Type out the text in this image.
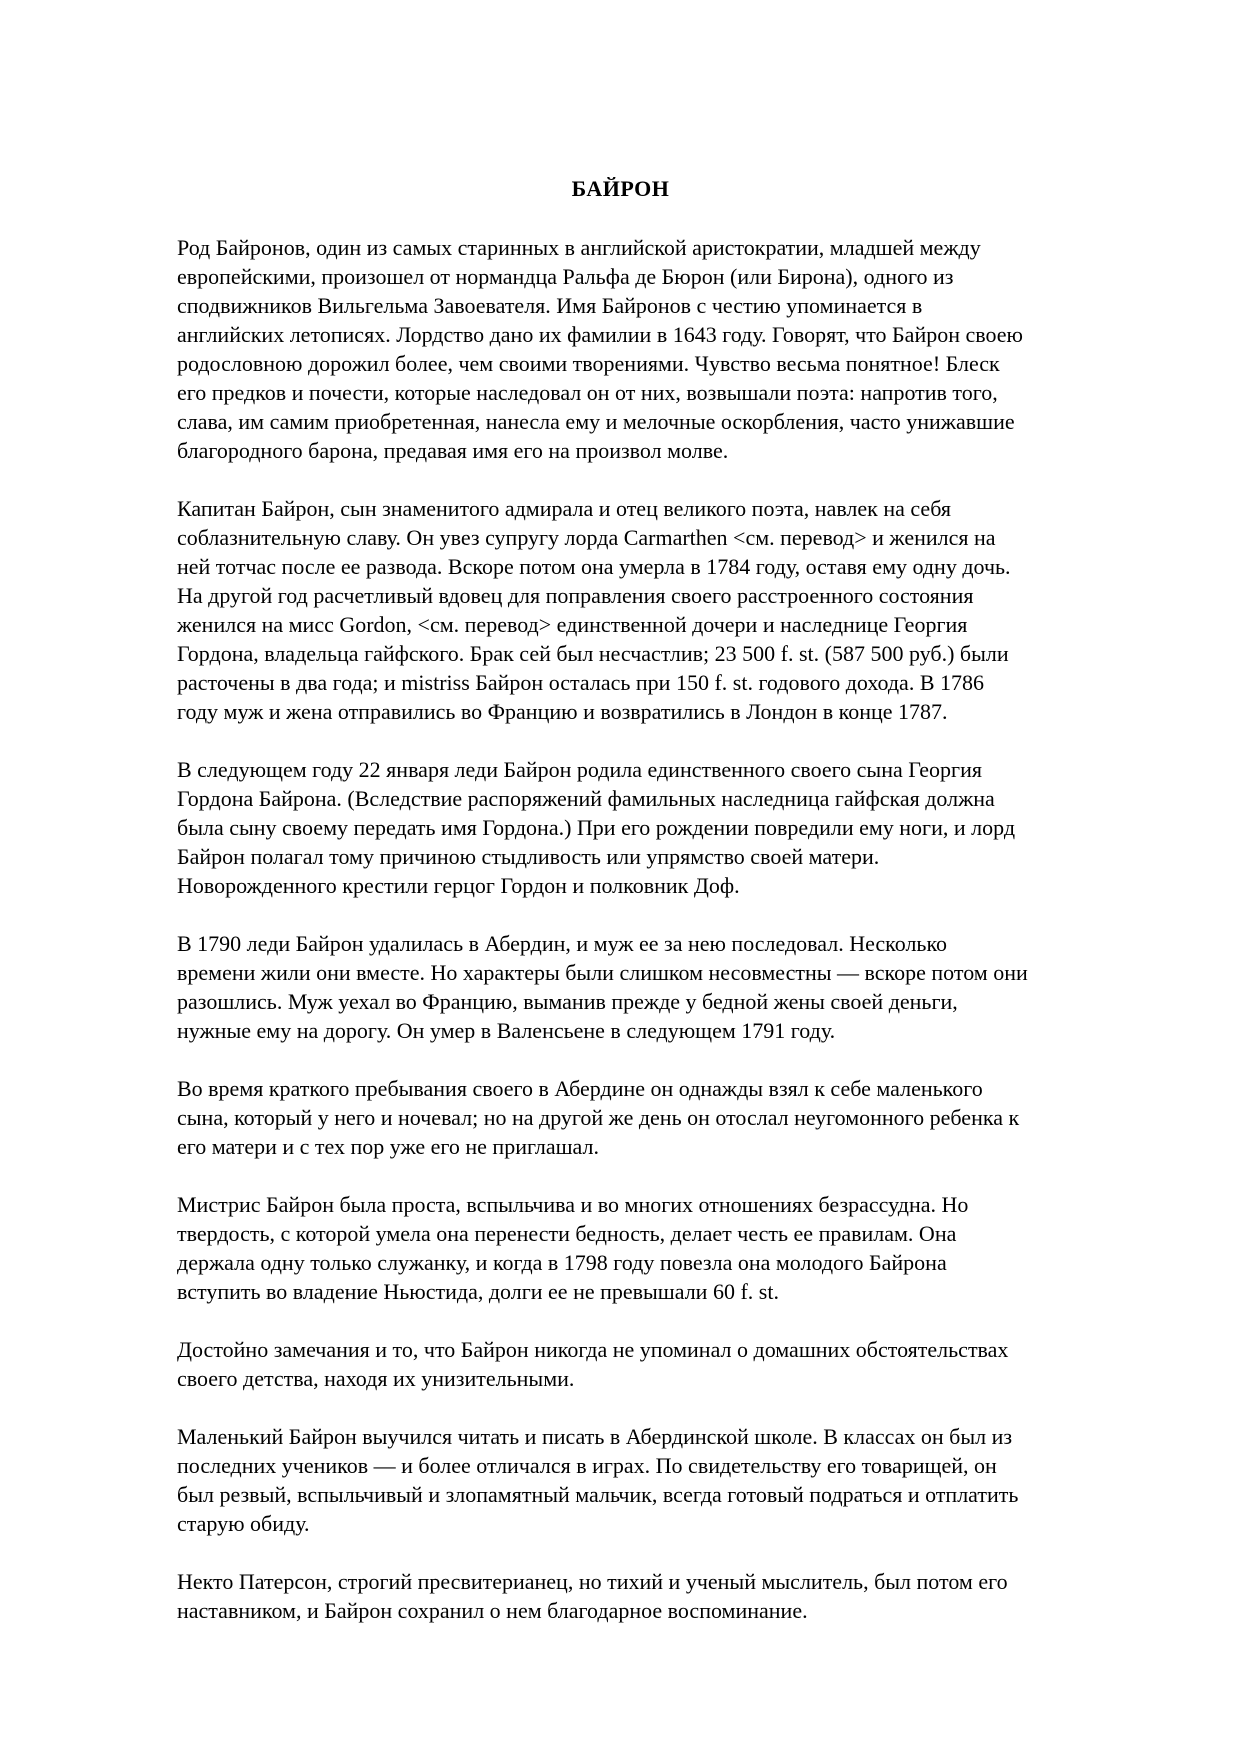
БАЙРОН
Род Байронов, один из самых старинных в английской аристократии, младшей между
европейскими, произошел от нормандца Ральфа де Бюрон (или Бирона), одного из
сподвижников Вильгельма Завоевателя. Имя Байронов с честию упоминается в
английских летописях. Лордство дано их фамилии в 1643 году. Говорят, что Байрон своею
родословною дорожил более, чем своими творениями. Чувство весьма понятное! Блеск
его предков и почести, которые наследовал он от них, возвышали поэта: напротив того,
слава, им самим приобретенная, нанесла ему и мелочные оскорбления, часто унижавшие
благородного барона, предавая имя его на произвол молве.
Капитан Байрон, сын знаменитого адмирала и отец великого поэта, навлек на себя
соблазнительную славу. Он увез супругу лорда Carmarthen <см. перевод> и женился на
ней тотчас после ее развода. Вскоре потом она умерла в 1784 году, оставя ему одну дочь.
На другой год расчетливый вдовец для поправления своего расстроенного состояния
женился на мисс Gordon, <см. перевод> единственной дочери и наследнице Георгия
Гордона, владельца гайфского. Брак сей был несчастлив; 23 500 f. st. (587 500 руб.) были
расточены в два года; и mistriss Байрон осталась при 150 f. st. годового дохода. В 1786
году муж и жена отправились во Францию и возвратились в Лондон в конце 1787.
В следующем году 22 января леди Байрон родила единственного своего сына Георгия
Гордона Байрона. (Вследствие распоряжений фамильных наследница гайфская должна
была сыну своему передать имя Гордона.) При его рождении повредили ему ноги, и лорд
Байрон полагал тому причиною стыдливость или упрямство своей матери.
Новорожденного крестили герцог Гордон и полковник Доф.
В 1790 леди Байрон удалилась в Абердин, и муж ее за нею последовал. Несколько
времени жили они вместе. Но характеры были слишком несовместны — вскоре потом они
разошлись. Муж уехал во Францию, выманив прежде у бедной жены своей деньги,
нужные ему на дорогу. Он умер в Валенсьене в следующем 1791 году.
Во время краткого пребывания своего в Абердине он однажды взял к себе маленького
сына, который у него и ночевал; но на другой же день он отослал неугомонного ребенка к
его матери и с тех пор уже его не приглашал.
Мистрис Байрон была проста, вспыльчива и во многих отношениях безрассудна. Но
твердость, с которой умела она перенести бедность, делает честь ее правилам. Она
держала одну только служанку, и когда в 1798 году повезла она молодого Байрона
вступить во владение Ньюстида, долги ее не превышали 60 f. st.
Достойно замечания и то, что Байрон никогда не упоминал о домашних обстоятельствах
своего детства, находя их унизительными.
Маленький Байрон выучился читать и писать в Абердинской школе. В классах он был из
последних учеников — и более отличался в играх. По свидетельству его товарищей, он
был резвый, вспыльчивый и злопамятный мальчик, всегда готовый подраться и отплатить
старую обиду.
Некто Патерсон, строгий пресвитерианец, но тихий и ученый мыслитель, был потом его
наставником, и Байрон сохранил о нем благодарное воспоминание.
